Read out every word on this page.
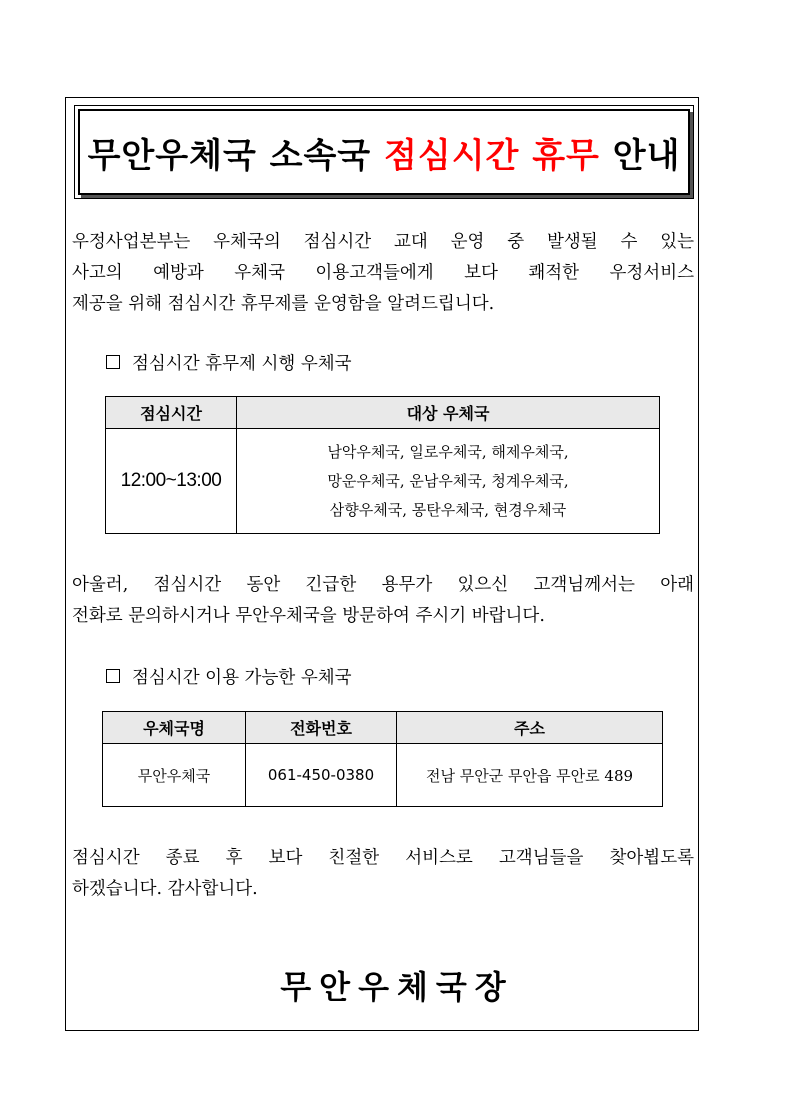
무안우체국 소속국 점심시간 휴무 안내

우정사업본부는 우체국의 점심시간 교대 운영 중 발생될 수 있는
사고의 예방과 우체국 이용고객들에게 보다 쾌적한 우정서비스
제공을 위해 점심시간 휴무제를 운영함을 알려드립니다.

점심시간 휴무제 시행 우체국
점심시간	대상 우체국
12:00~13:00	남악우체국, 일로우체국, 해제우체국,
망운우체국, 운남우체국, 청계우체국,
삼향우체국, 몽탄우체국, 현경우체국

아울러, 점심시간 동안 긴급한 용무가 있으신 고객님께서는 아래
전화로 문의하시거나 무안우체국을 방문하여 주시기 바랍니다.

점심시간 이용 가능한 우체국
우체국명	전화번호	주소
무안우체국	061-450-0380	전남 무안군 무안읍 무안로 489

점심시간 종료 후 보다 친절한 서비스로 고객님들을 찾아뵙도록
하겠습니다. 감사합니다.

무안우체국장
